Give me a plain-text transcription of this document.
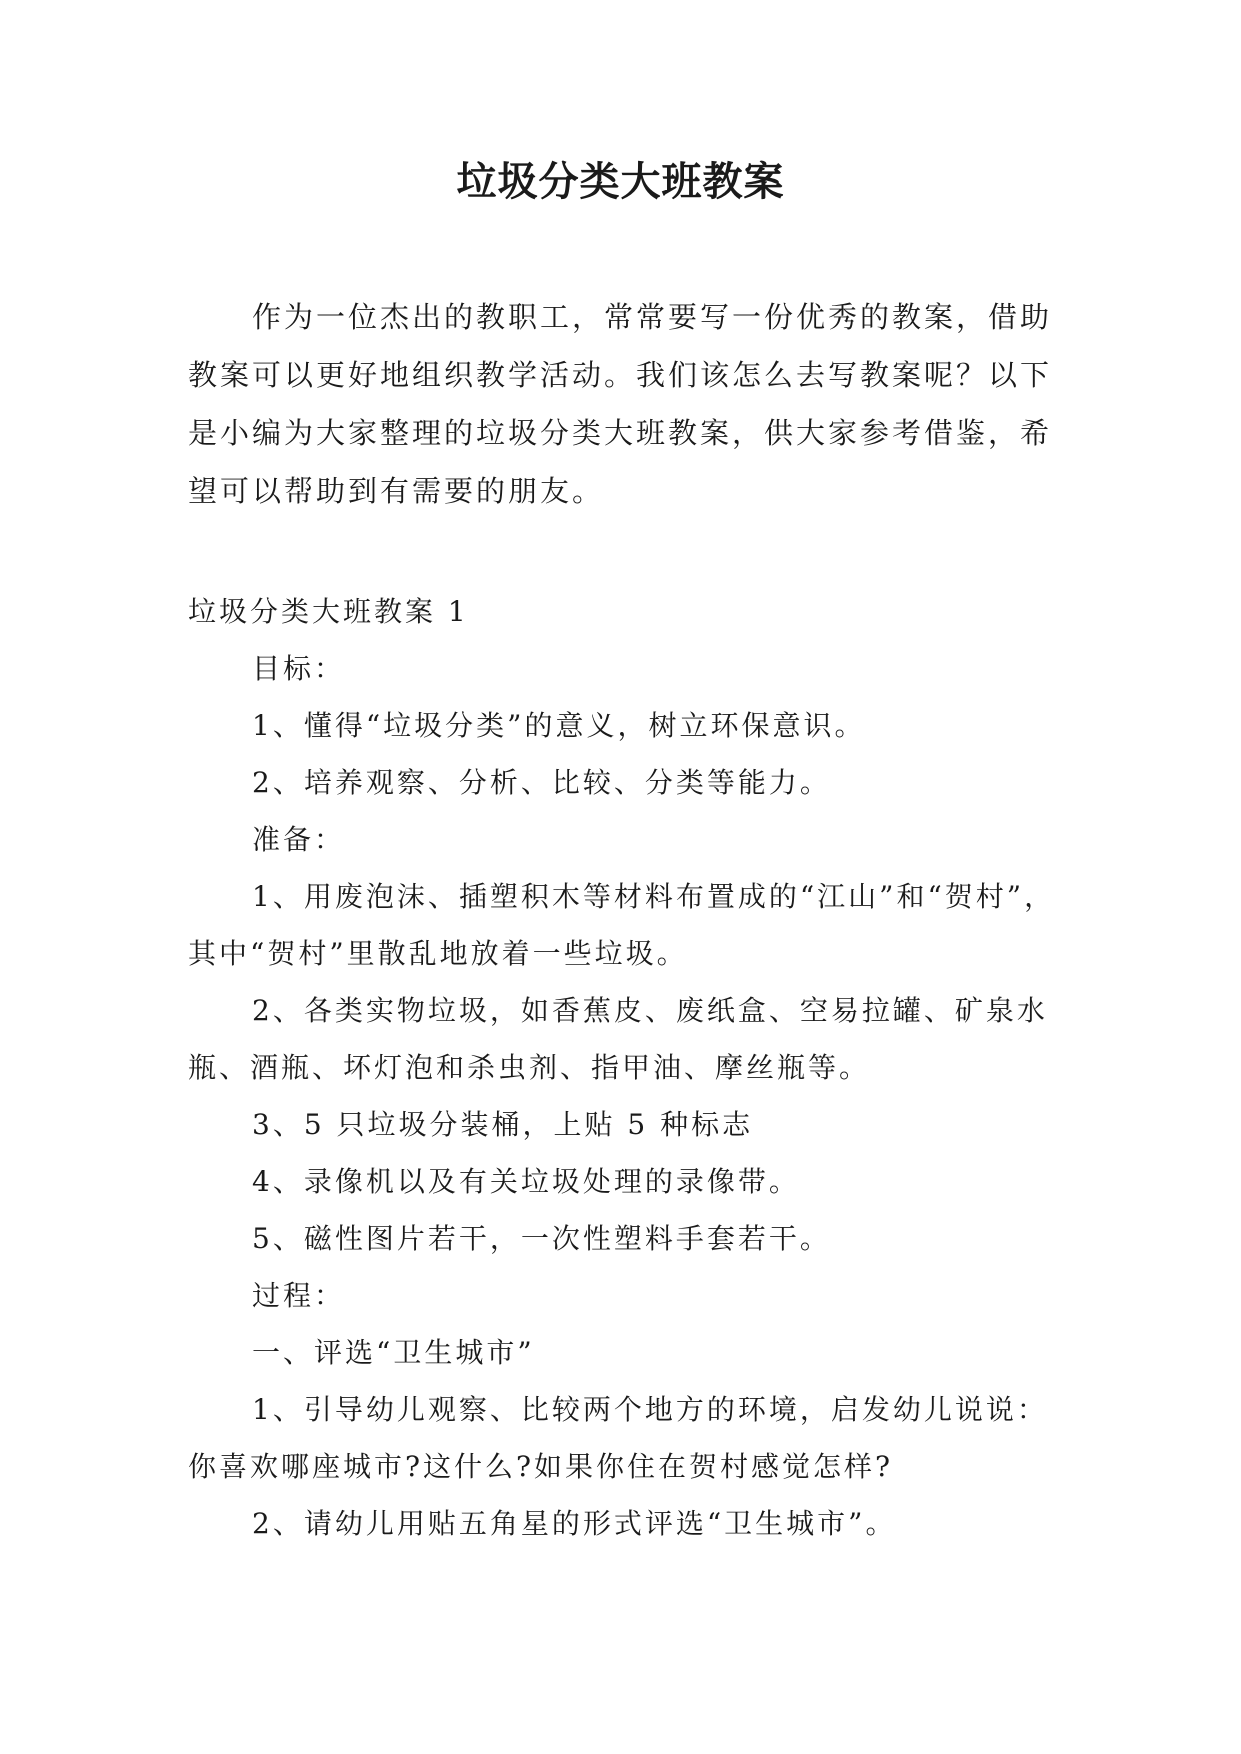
垃圾分类大班教案

作为一位杰出的教职工，常常要写一份优秀的教案，借助教案可以更好地组织教学活动。我们该怎么去写教案呢？以下是小编为大家整理的垃圾分类大班教案，供大家参考借鉴，希望可以帮助到有需要的朋友。

垃圾分类大班教案 1

目标：

1、懂得“垃圾分类”的意义，树立环保意识。

2、培养观察、分析、比较、分类等能力。

准备：

1、用废泡沫、插塑积木等材料布置成的“江山”和“贺村”，其中“贺村”里散乱地放着一些垃圾。

2、各类实物垃圾，如香蕉皮、废纸盒、空易拉罐、矿泉水瓶、酒瓶、坏灯泡和杀虫剂、指甲油、摩丝瓶等。

3、5 只垃圾分装桶，上贴 5 种标志

4、录像机以及有关垃圾处理的录像带。

5、磁性图片若干，一次性塑料手套若干。

过程：

一、评选“卫生城市”

1、引导幼儿观察、比较两个地方的环境，启发幼儿说说：你喜欢哪座城市?这什么?如果你住在贺村感觉怎样?

2、请幼儿用贴五角星的形式评选“卫生城市”。
